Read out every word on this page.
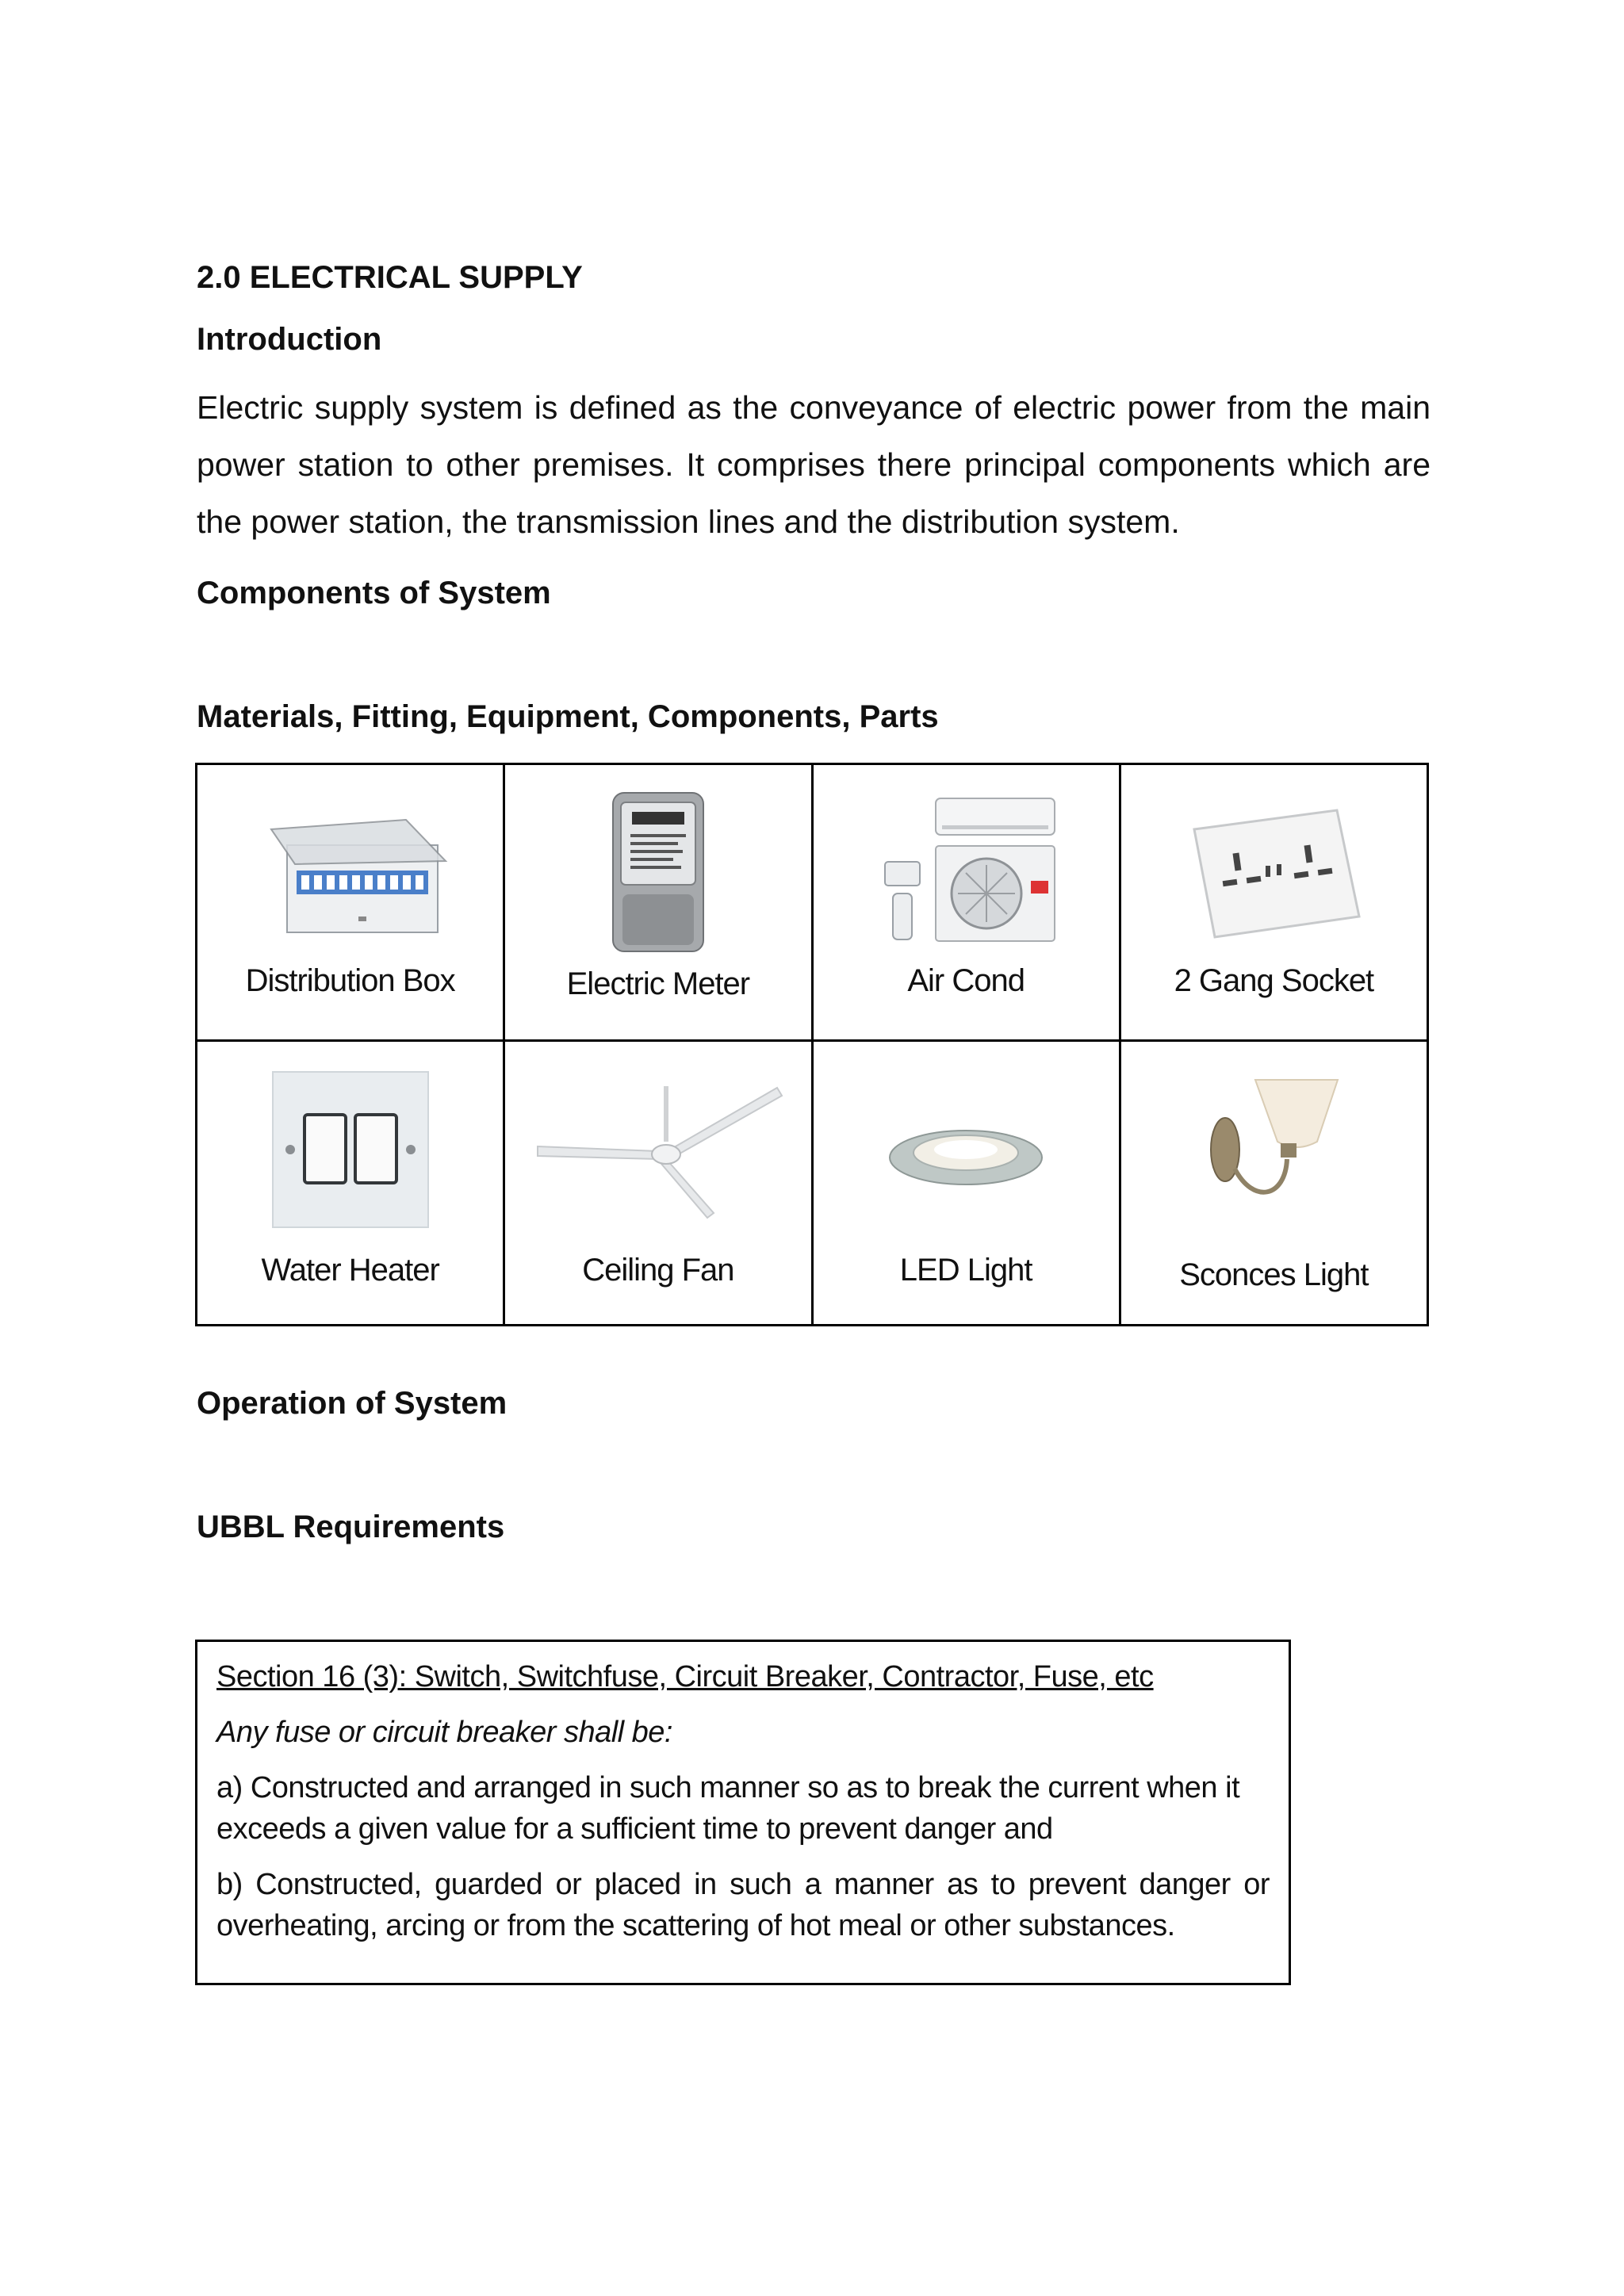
2.0 ELECTRICAL SUPPLY
Introduction

Electric supply system is defined as the conveyance of electric power from the main power station to other premises. It comprises there principal components which are the power station, the transmission lines and the distribution system.

Components of System
Materials, Fitting, Equipment, Components, Parts
Distribution Box	Electric Meter	Air Cond	2 Gang Socket

Water Heater	Ceiling Fan	LED Light	Sconces Light
Operation of System
UBBL Requirements

Section 16 (3): Switch, Switchfuse, Circuit Breaker, Contractor, Fuse, etc

Any fuse or circuit breaker shall be:

a) Constructed and arranged in such manner so as to break the current when it exceeds a given value for a sufficient time to prevent danger and

b) Constructed, guarded or placed in such a manner as to prevent danger or overheating, arcing or from the scattering of hot meal or other substances.
